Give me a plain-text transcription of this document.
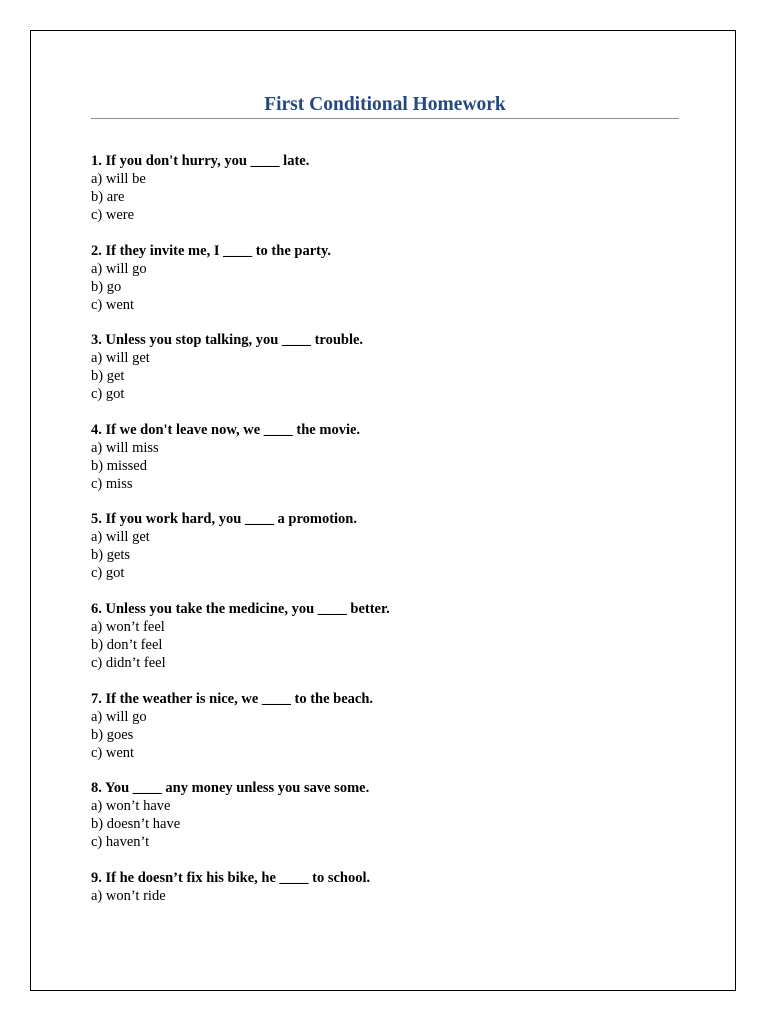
First Conditional Homework

1. If you don't hurry, you ____ late.

a) will be

b) are

c) were

2. If they invite me, I ____ to the party.

a) will go

b) go

c) went

3. Unless you stop talking, you ____ trouble.

a) will get

b) get

c) got

4. If we don't leave now, we ____ the movie.

a) will miss

b) missed

c) miss

5. If you work hard, you ____ a promotion.

a) will get

b) gets

c) got

6. Unless you take the medicine, you ____ better.

a) won’t feel

b) don’t feel

c) didn’t feel

7. If the weather is nice, we ____ to the beach.

a) will go

b) goes

c) went

8. You ____ any money unless you save some.

a) won’t have

b) doesn’t have

c) haven’t

9. If he doesn’t fix his bike, he ____ to school.

a) won’t ride
